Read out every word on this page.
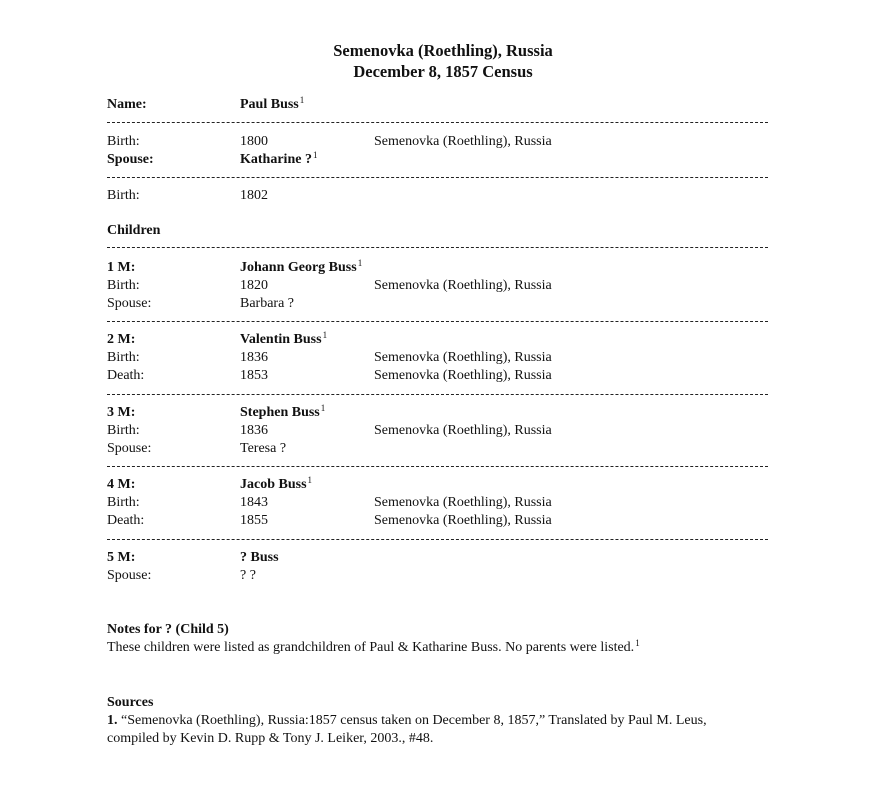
Semenovka (Roethling), Russia
December 8, 1857 Census
Name:	Paul Buss$^1$
Birth:	1800	Semenovka (Roethling), Russia
Spouse:	Katharine ?$^1$
Birth:	1802
Children
1 M:	Johann Georg Buss$^1$
Birth:	1820	Semenovka (Roethling), Russia
Spouse:	Barbara ?
2 M:	Valentin Buss$^1$
Birth:	1836	Semenovka (Roethling), Russia
Death:	1853	Semenovka (Roethling), Russia
3 M:	Stephen Buss$^1$
Birth:	1836	Semenovka (Roethling), Russia
Spouse:	Teresa ?
4 M:	Jacob Buss$^1$
Birth:	1843	Semenovka (Roethling), Russia
Death:	1855	Semenovka (Roethling), Russia
5 M:	? Buss
Spouse:	? ?
Notes for ? (Child 5)
These children were listed as grandchildren of Paul & Katharine Buss. No parents were listed.$^1$
Sources
1. “Semenovka (Roethling), Russia:1857 census taken on December 8, 1857,” Translated by Paul M. Leus,
compiled by Kevin D. Rupp & Tony J. Leiker, 2003., #48.
